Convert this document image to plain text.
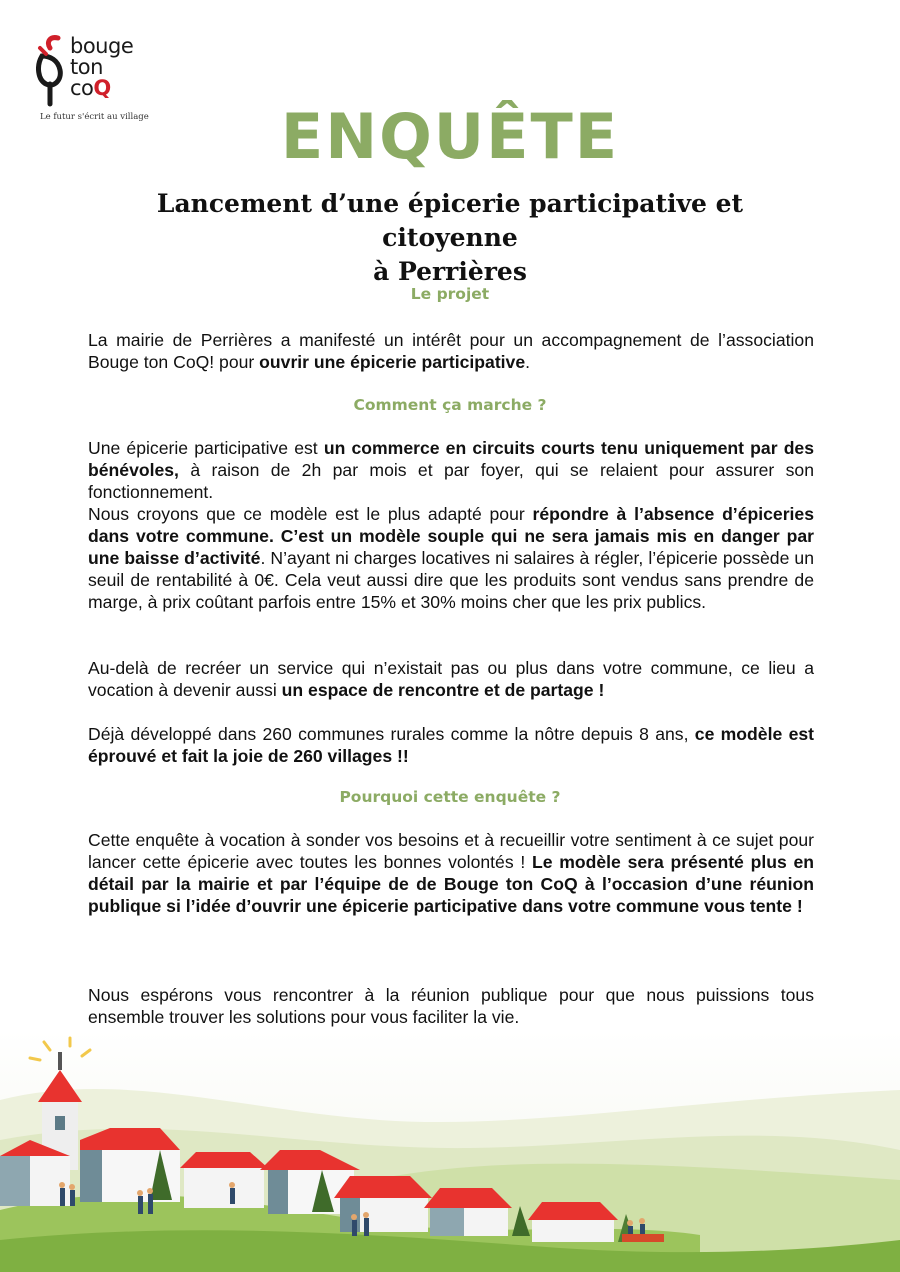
bouge
ton
coQ
Le futur s'écrit au village	ENQUÊTE
Lancement d’une épicerie participative et citoyenne
à Perrières
Le projet
La mairie de Perrières a manifesté un intérêt pour un accompagnement de l’association Bouge ton CoQ! pour ouvrir une épicerie participative.
Comment ça marche ?
Une épicerie participative est un commerce en circuits courts tenu uniquement par des bénévoles, à raison de 2h par mois et par foyer, qui se relaient pour assurer son fonctionnement.
Nous croyons que ce modèle est le plus adapté pour répondre à l’absence d’épiceries dans votre commune. C’est un modèle souple qui ne sera jamais mis en danger par une baisse d’activité. N’ayant ni charges locatives ni salaires à régler, l’épicerie possède un seuil de rentabilité à 0€. Cela veut aussi dire que les produits sont vendus sans prendre de marge, à prix coûtant parfois entre 15% et 30% moins cher que les prix publics.
Au-delà de recréer un service qui n’existait pas ou plus dans votre commune, ce lieu a vocation à devenir aussi un espace de rencontre et de partage !
Déjà développé dans 260 communes rurales comme la nôtre depuis 8 ans, ce modèle est éprouvé et fait la joie de 260 villages !!
Pourquoi cette enquête ?
Cette enquête à vocation à sonder vos besoins et à recueillir votre sentiment à ce sujet pour lancer cette épicerie avec toutes les bonnes volontés ! Le modèle sera présenté plus en détail par la mairie et par l’équipe de de Bouge ton CoQ à l’occasion d’une réunion publique si l’idée d’ouvrir une épicerie participative dans votre commune vous tente !
Nous espérons vous rencontrer à la réunion publique pour que nous puissions tous ensemble trouver les solutions pour vous faciliter la vie.
